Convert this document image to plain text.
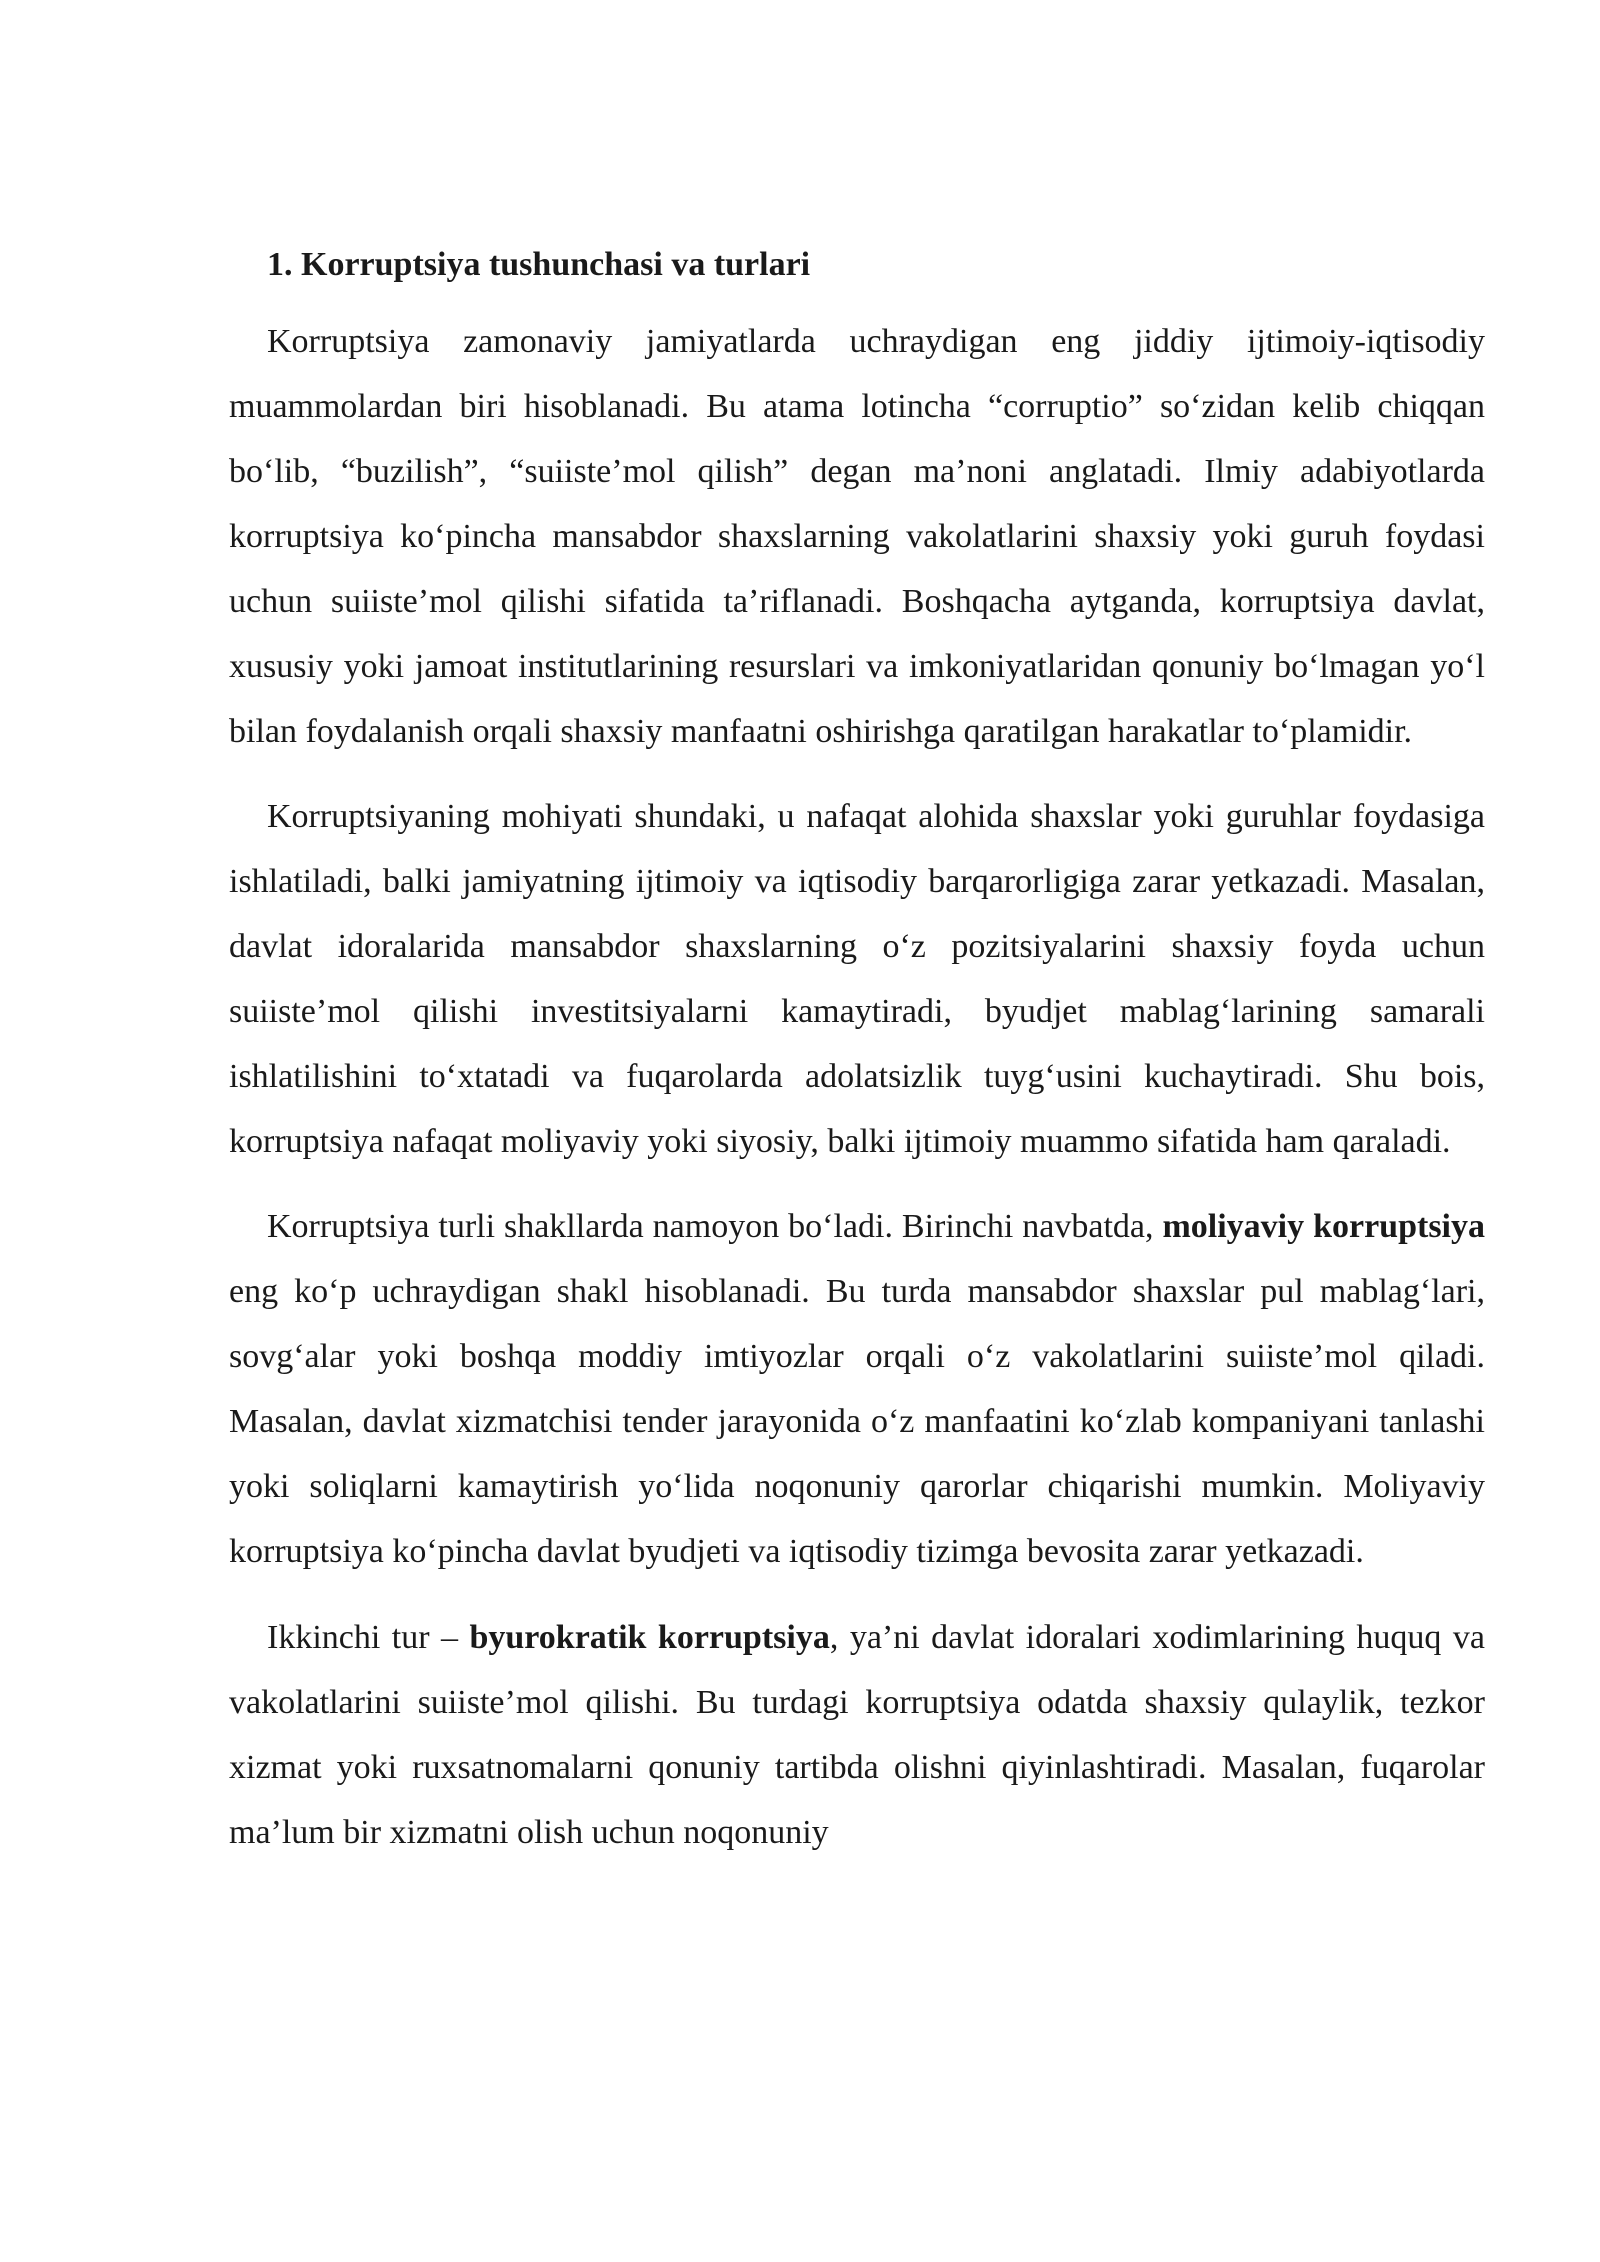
1. Korruptsiya tushunchasi va turlari

Korruptsiya zamonaviy jamiyatlarda uchraydigan eng jiddiy ijtimoiy-iqtisodiy muammolardan biri hisoblanadi. Bu atama lotincha “corruptio” so‘zidan kelib chiqqan bo‘lib, “buzilish”, “suiiste’mol qilish” degan ma’noni anglatadi. Ilmiy adabiyotlarda korruptsiya ko‘pincha mansabdor shaxslarning vakolatlarini shaxsiy yoki guruh foydasi uchun suiiste’mol qilishi sifatida ta’riflanadi. Boshqacha aytganda, korruptsiya davlat, xususiy yoki jamoat institutlarining resurslari va imkoniyatlaridan qonuniy bo‘lmagan yo‘l bilan foydalanish orqali shaxsiy manfaatni oshirishga qaratilgan harakatlar to‘plamidir.

Korruptsiyaning mohiyati shundaki, u nafaqat alohida shaxslar yoki guruhlar foydasiga ishlatiladi, balki jamiyatning ijtimoiy va iqtisodiy barqarorligiga zarar yetkazadi. Masalan, davlat idoralarida mansabdor shaxslarning o‘z pozitsiyalarini shaxsiy foyda uchun suiiste’mol qilishi investitsiyalarni kamaytiradi, byudjet mablag‘larining samarali ishlatilishini to‘xtatadi va fuqarolarda adolatsizlik tuyg‘usini kuchaytiradi. Shu bois, korruptsiya nafaqat moliyaviy yoki siyosiy, balki ijtimoiy muammo sifatida ham qaraladi.

Korruptsiya turli shakllarda namoyon bo‘ladi. Birinchi navbatda, moliyaviy korruptsiya eng ko‘p uchraydigan shakl hisoblanadi. Bu turda mansabdor shaxslar pul mablag‘lari, sovg‘alar yoki boshqa moddiy imtiyozlar orqali o‘z vakolatlarini suiiste’mol qiladi. Masalan, davlat xizmatchisi tender jarayonida o‘z manfaatini ko‘zlab kompaniyani tanlashi yoki soliqlarni kamaytirish yo‘lida noqonuniy qarorlar chiqarishi mumkin. Moliyaviy korruptsiya ko‘pincha davlat byudjeti va iqtisodiy tizimga bevosita zarar yetkazadi.

Ikkinchi tur – byurokratik korruptsiya, ya’ni davlat idoralari xodimlarining huquq va vakolatlarini suiiste’mol qilishi. Bu turdagi korruptsiya odatda shaxsiy qulaylik, tezkor xizmat yoki ruxsatnomalarni qonuniy tartibda olishni qiyinlashtiradi. Masalan, fuqarolar ma’lum bir xizmatni olish uchun noqonuniy
